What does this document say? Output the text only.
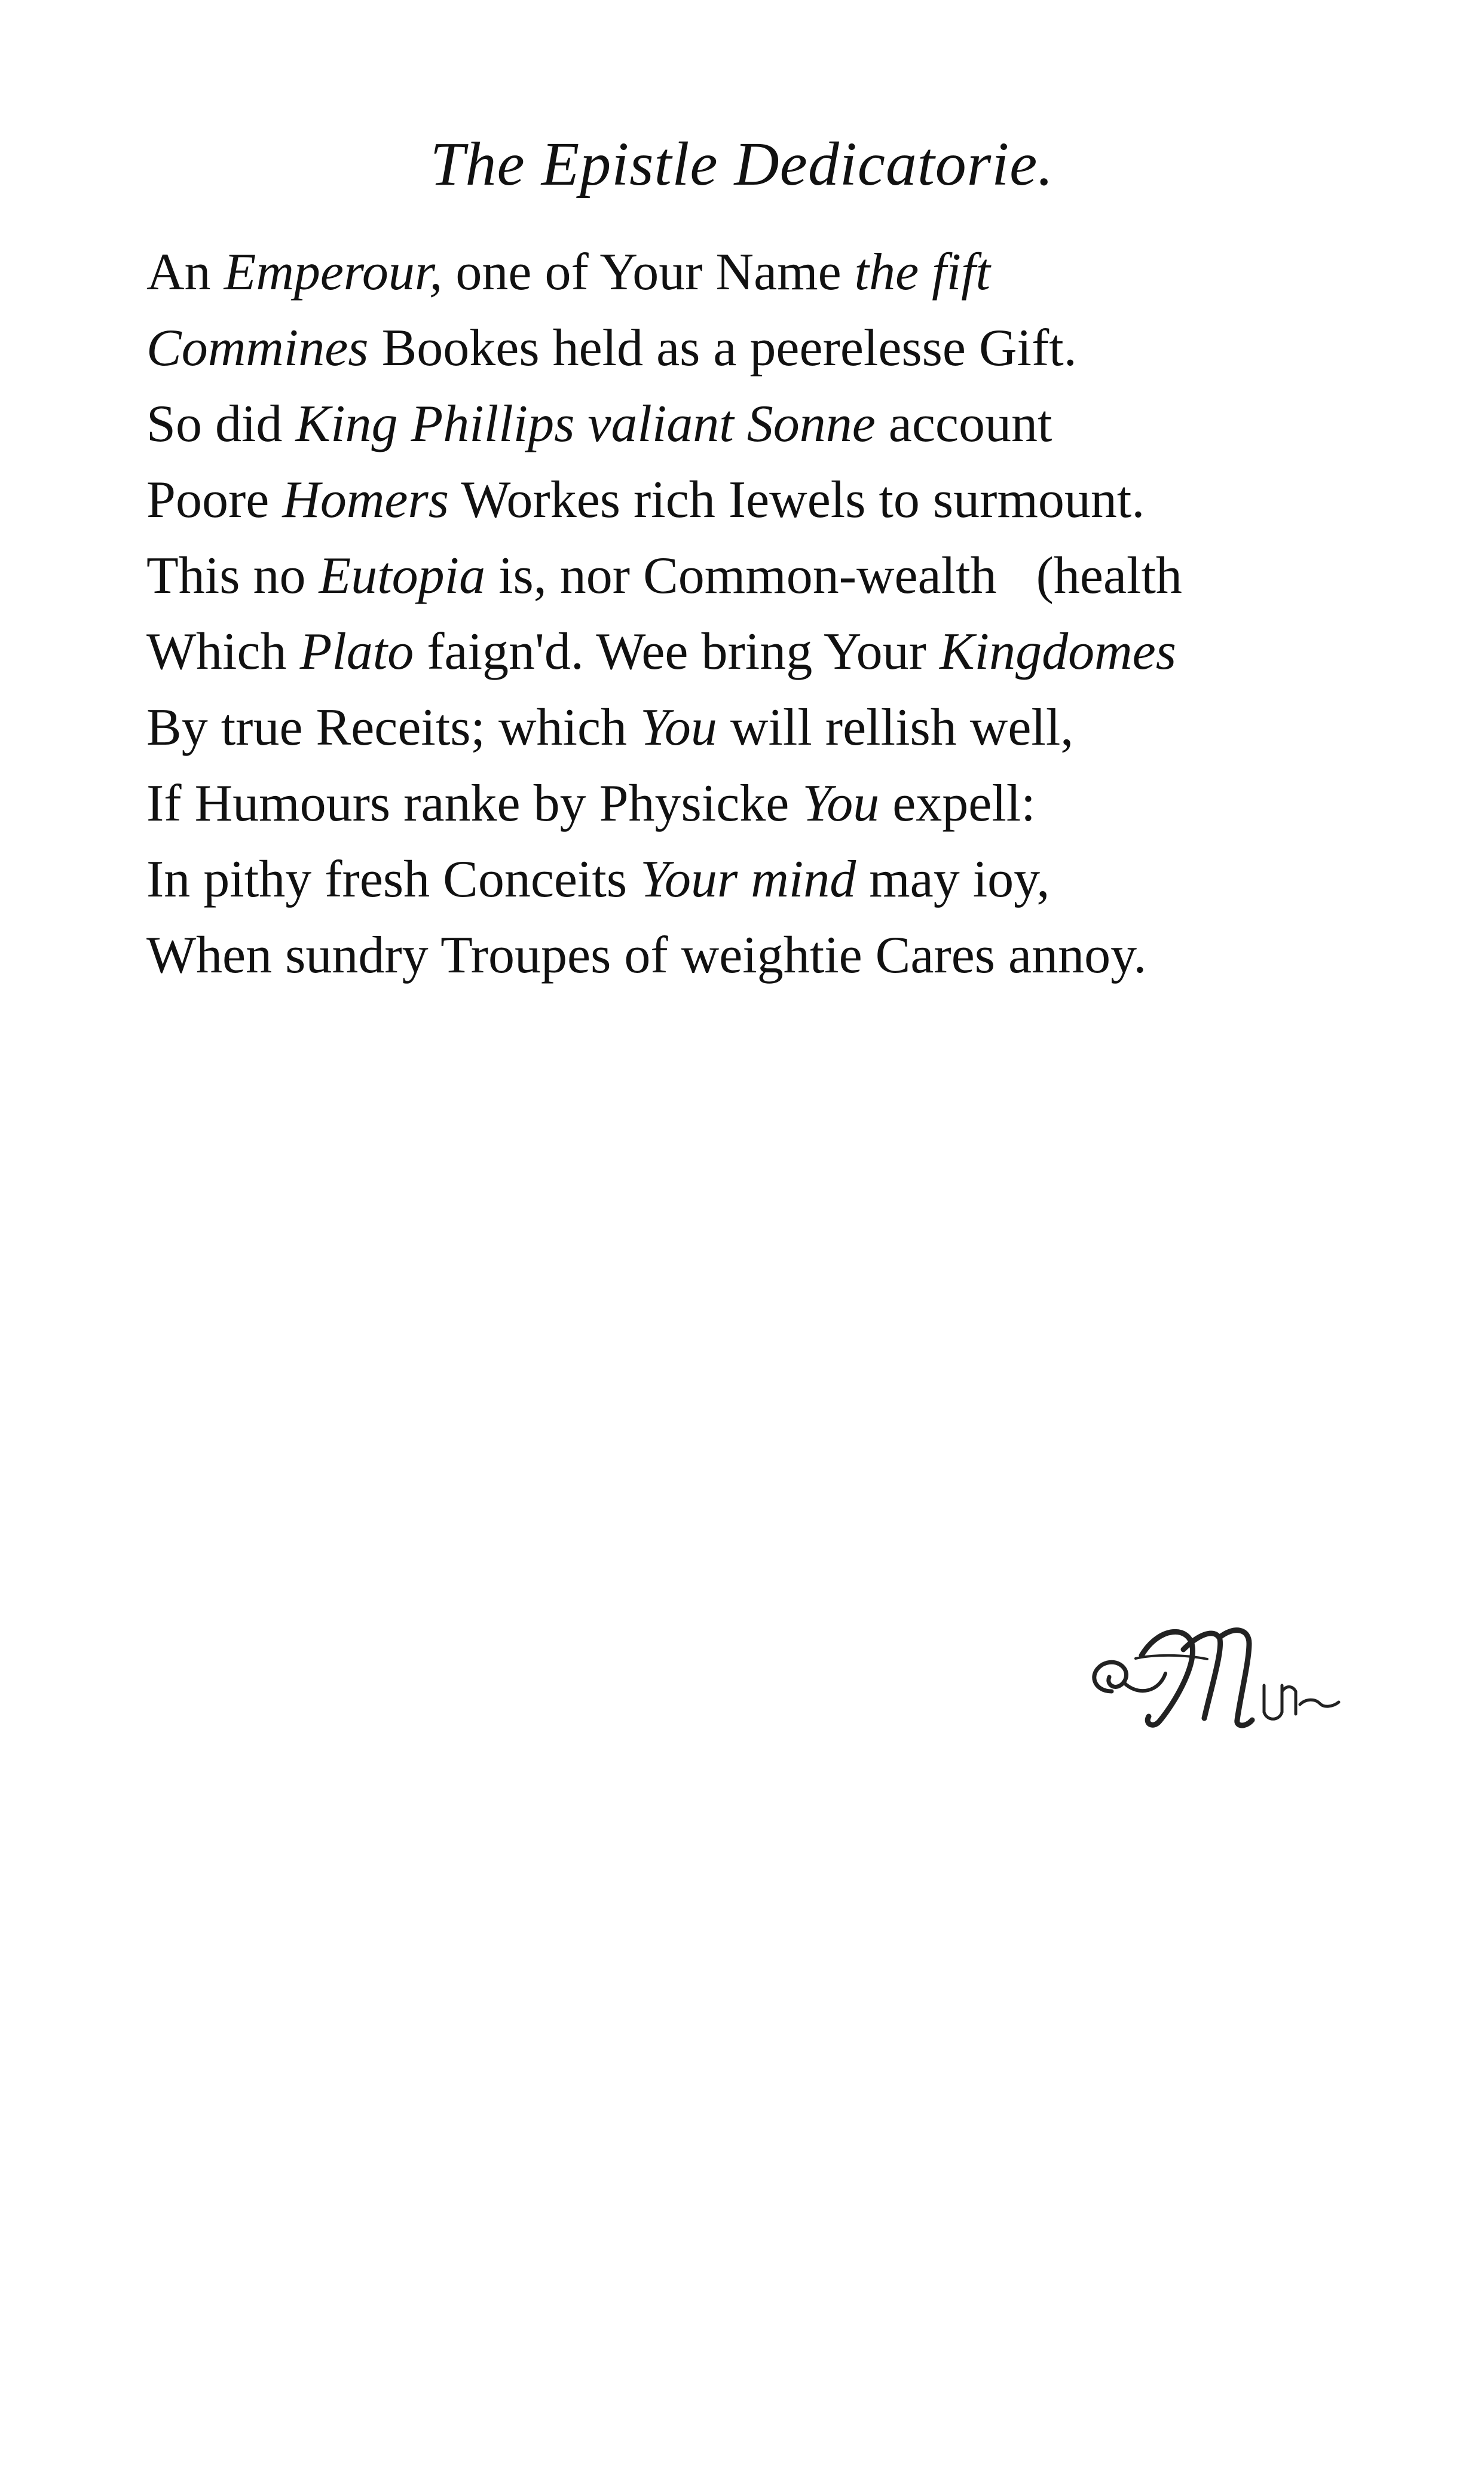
The Epistle Dedicatorie.
An Emperour, one of Your Name the fift
Commines Bookes held as a peerelesse Gift.
So did King Phillips valiant Sonne account
Poore Homers Workes rich Iewels to surmount.
This no Eutopia is, nor Common-wealth   (health
Which Plato faign'd. Wee bring Your Kingdomes
By true Receits; which You will rellish well,
If Humours ranke by Physicke You expell:
In pithy fresh Conceits Your mind may ioy,
When sundry Troupes of weightie Cares annoy.
